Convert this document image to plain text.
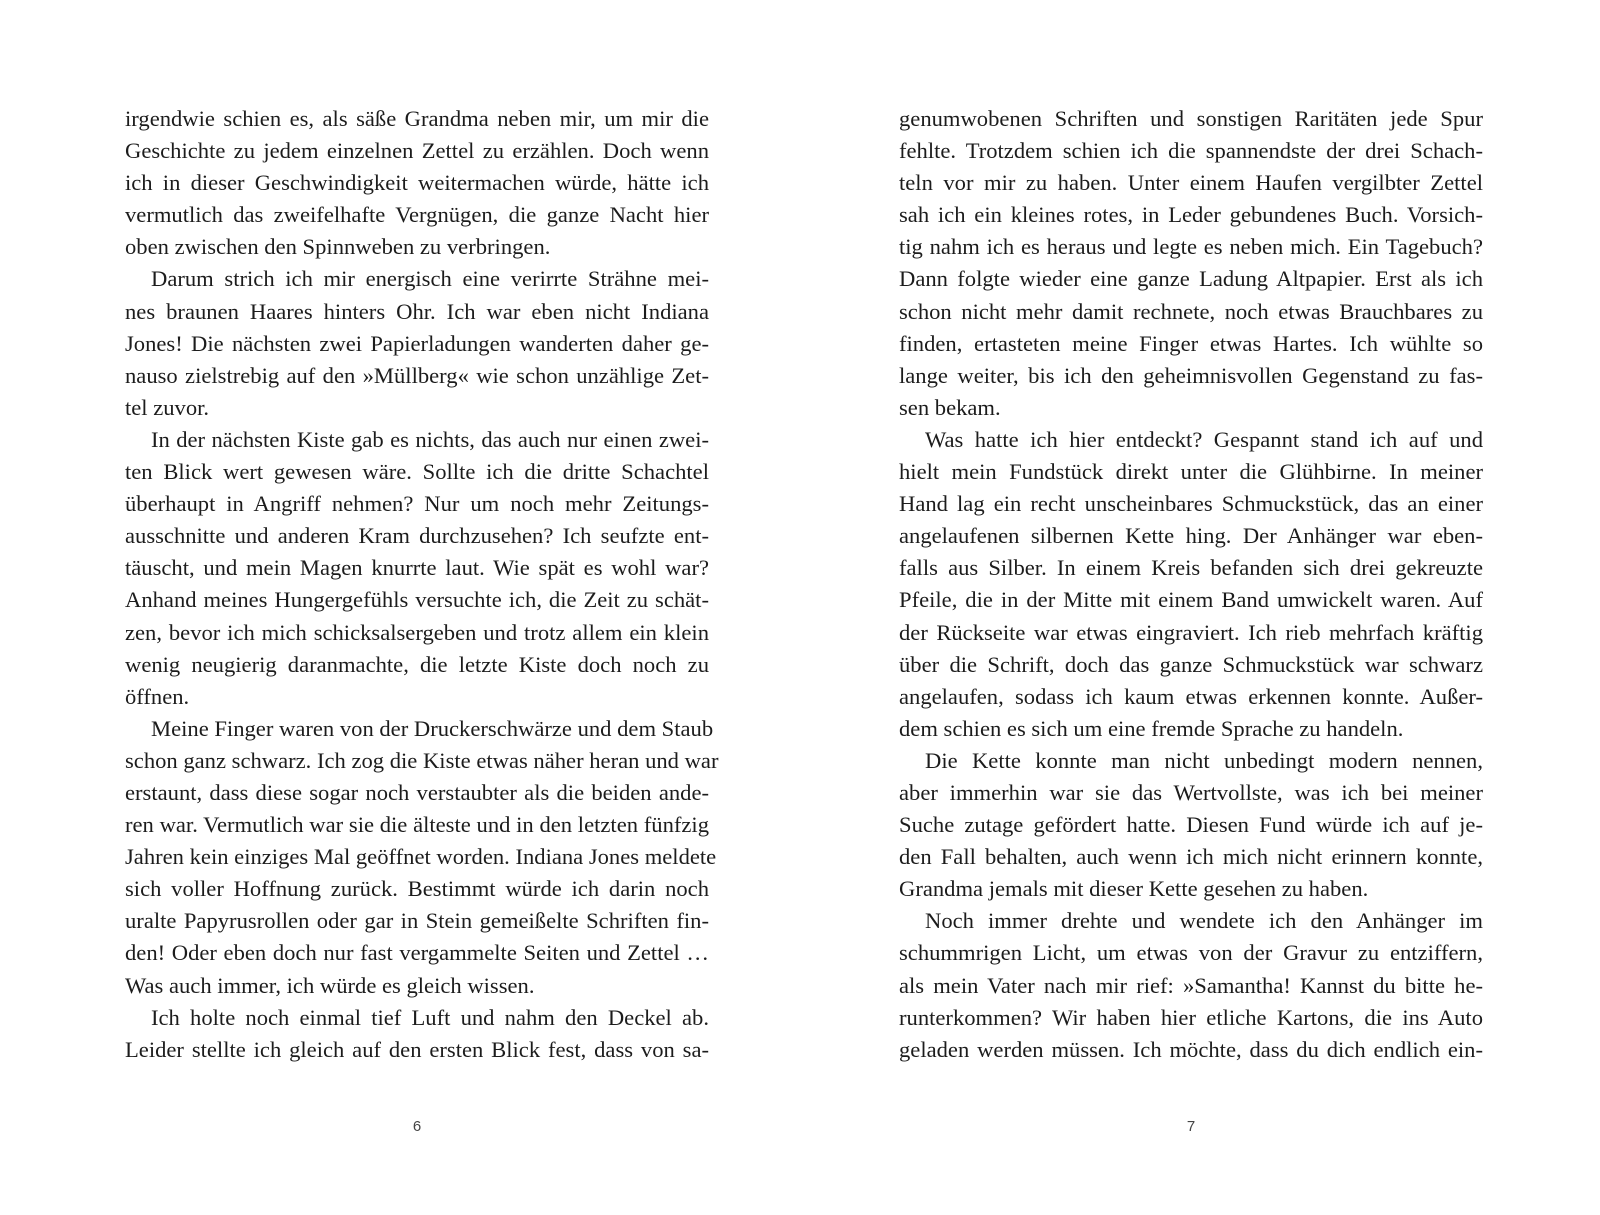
irgendwie schien es, als säße Grandma neben mir, um mir die
Geschichte zu jedem einzelnen Zettel zu erzählen. Doch wenn
ich in dieser Geschwindigkeit weitermachen würde, hätte ich
vermutlich das zweifelhafte Vergnügen, die ganze Nacht hier
oben zwischen den Spinnweben zu verbringen.
Darum strich ich mir energisch eine verirrte Strähne mei-
nes braunen Haares hinters Ohr. Ich war eben nicht Indiana
Jones! Die nächsten zwei Papierladungen wanderten daher ge-
nauso zielstrebig auf den »Müllberg« wie schon unzählige Zet-
tel zuvor.
In der nächsten Kiste gab es nichts, das auch nur einen zwei-
ten Blick wert gewesen wäre. Sollte ich die dritte Schachtel
überhaupt in Angriff nehmen? Nur um noch mehr Zeitungs-
ausschnitte und anderen Kram durchzusehen? Ich seufzte ent-
täuscht, und mein Magen knurrte laut. Wie spät es wohl war?
Anhand meines Hungergefühls versuchte ich, die Zeit zu schät-
zen, bevor ich mich schicksalsergeben und trotz allem ein klein
wenig neugierig daranmachte, die letzte Kiste doch noch zu
öffnen.
Meine Finger waren von der Druckerschwärze und dem Staub
schon ganz schwarz. Ich zog die Kiste etwas näher heran und war
erstaunt, dass diese sogar noch verstaubter als die beiden ande-
ren war. Vermutlich war sie die älteste und in den letzten fünfzig
Jahren kein einziges Mal geöffnet worden. Indiana Jones meldete
sich voller Hoffnung zurück. Bestimmt würde ich darin noch
uralte Papyrusrollen oder gar in Stein gemeißelte Schriften fin-
den! Oder eben doch nur fast vergammelte Seiten und Zettel …
Was auch immer, ich würde es gleich wissen.
Ich holte noch einmal tief Luft und nahm den Deckel ab.
Leider stellte ich gleich auf den ersten Blick fest, dass von sa-
genumwobenen Schriften und sonstigen Raritäten jede Spur
fehlte. Trotzdem schien ich die spannendste der drei Schach-
teln vor mir zu haben. Unter einem Haufen vergilbter Zettel
sah ich ein kleines rotes, in Leder gebundenes Buch. Vorsich-
tig nahm ich es heraus und legte es neben mich. Ein Tagebuch?
Dann folgte wieder eine ganze Ladung Altpapier. Erst als ich
schon nicht mehr damit rechnete, noch etwas Brauchbares zu
finden, ertasteten meine Finger etwas Hartes. Ich wühlte so
lange weiter, bis ich den geheimnisvollen Gegenstand zu fas-
sen bekam.
Was hatte ich hier entdeckt? Gespannt stand ich auf und
hielt mein Fundstück direkt unter die Glühbirne. In meiner
Hand lag ein recht unscheinbares Schmuckstück, das an einer
angelaufenen silbernen Kette hing. Der Anhänger war eben-
falls aus Silber. In einem Kreis befanden sich drei gekreuzte
Pfeile, die in der Mitte mit einem Band umwickelt waren. Auf
der Rückseite war etwas eingraviert. Ich rieb mehrfach kräftig
über die Schrift, doch das ganze Schmuckstück war schwarz
angelaufen, sodass ich kaum etwas erkennen konnte. Außer-
dem schien es sich um eine fremde Sprache zu handeln.
Die Kette konnte man nicht unbedingt modern nennen,
aber immerhin war sie das Wertvollste, was ich bei meiner
Suche zutage gefördert hatte. Diesen Fund würde ich auf je-
den Fall behalten, auch wenn ich mich nicht erinnern konnte,
Grandma jemals mit dieser Kette gesehen zu haben.
Noch immer drehte und wendete ich den Anhänger im
schummrigen Licht, um etwas von der Gravur zu entziffern,
als mein Vater nach mir rief: »Samantha! Kannst du bitte he-
runterkommen? Wir haben hier etliche Kartons, die ins Auto
geladen werden müssen. Ich möchte, dass du dich endlich ein-
6	7
